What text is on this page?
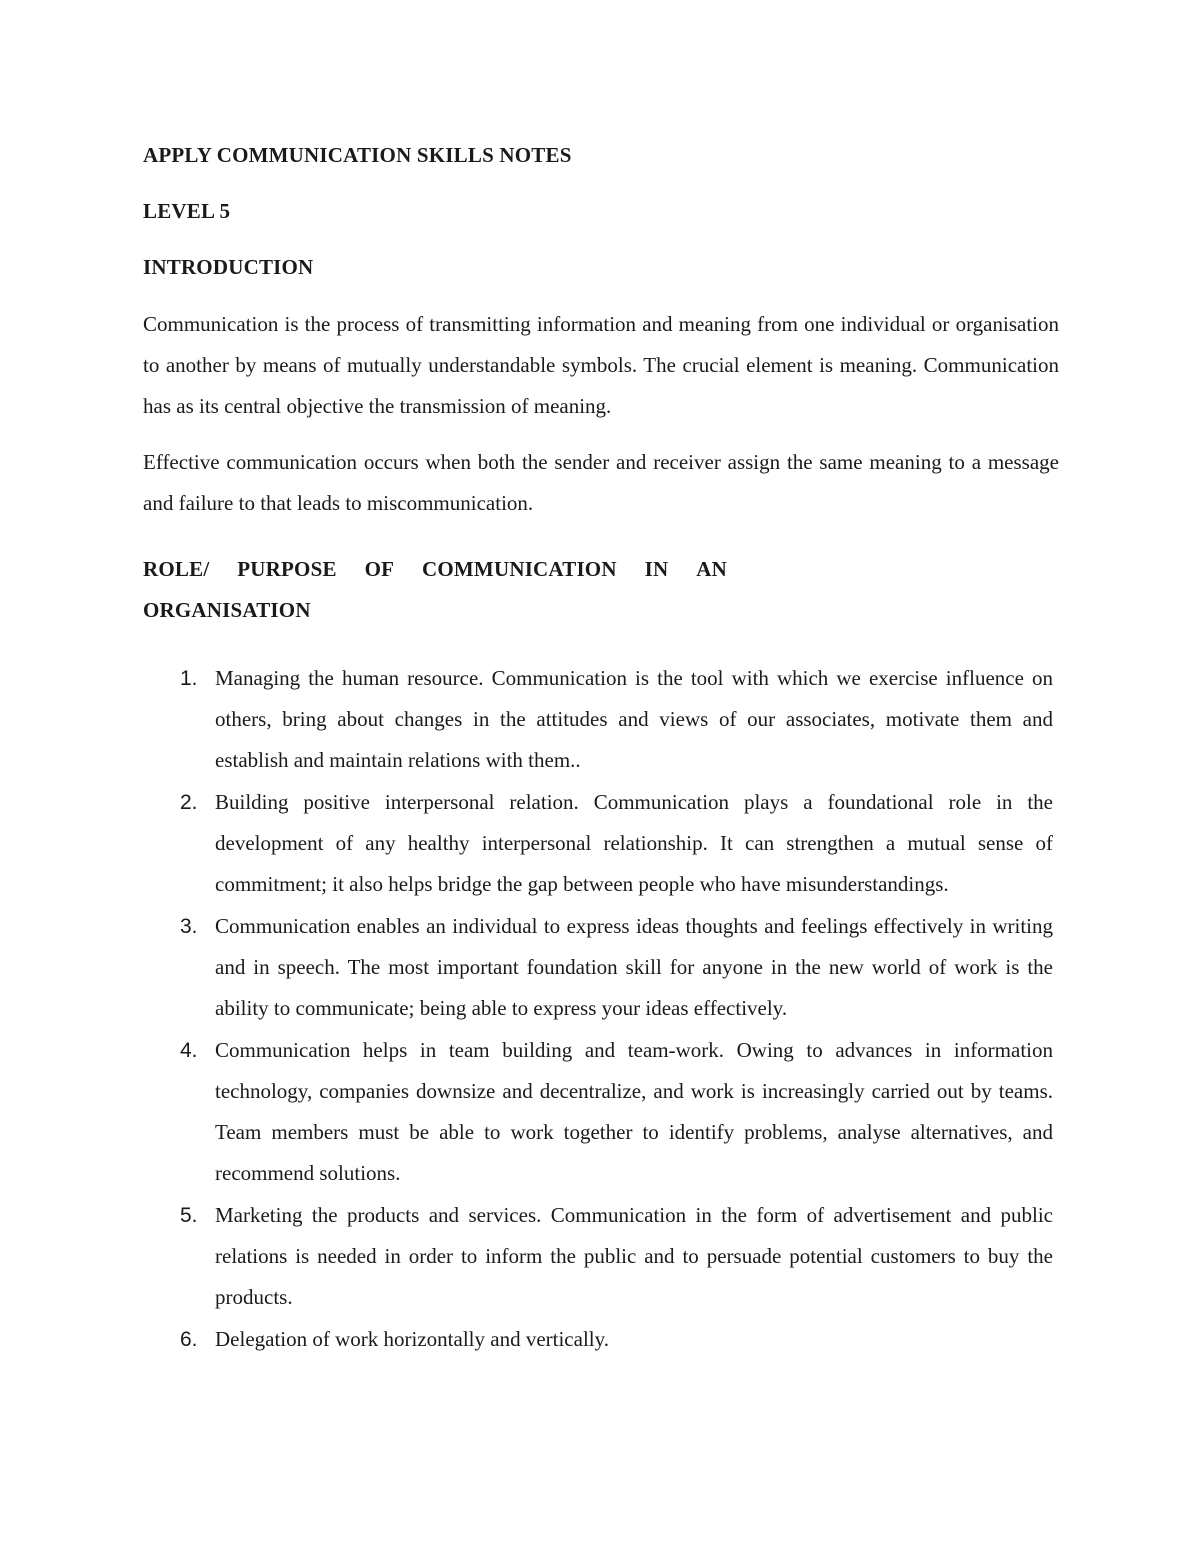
APPLY COMMUNICATION SKILLS NOTES
LEVEL 5
INTRODUCTION
Communication is the process of transmitting information and meaning from one individual or organisation to another by means of mutually understandable symbols. The crucial element is meaning. Communication has as its central objective the transmission of meaning.
Effective communication occurs when both the sender and receiver assign the same meaning to a message and failure to that leads to miscommunication.
ROLE/ PURPOSE OF COMMUNICATION IN AN
ORGANISATION
1. Managing the human resource. Communication is the tool with which we exercise influence on others, bring about changes in the attitudes and views of our associates, motivate them and establish and maintain relations with them..
2. Building positive interpersonal relation. Communication plays a foundational role in the development of any healthy interpersonal relationship. It can strengthen a mutual sense of commitment; it also helps bridge the gap between people who have misunderstandings.
3. Communication enables an individual to express ideas thoughts and feelings effectively in writing and in speech. The most important foundation skill for anyone in the new world of work is the ability to communicate; being able to express your ideas effectively.
4. Communication helps in team building and team-work. Owing to advances in information technology, companies downsize and decentralize, and work is increasingly carried out by teams. Team members must be able to work together to identify problems, analyse alternatives, and recommend solutions.
5. Marketing the products and services. Communication in the form of advertisement and public relations is needed in order to inform the public and to persuade potential customers to buy the products.
6. Delegation of work horizontally and vertically.
